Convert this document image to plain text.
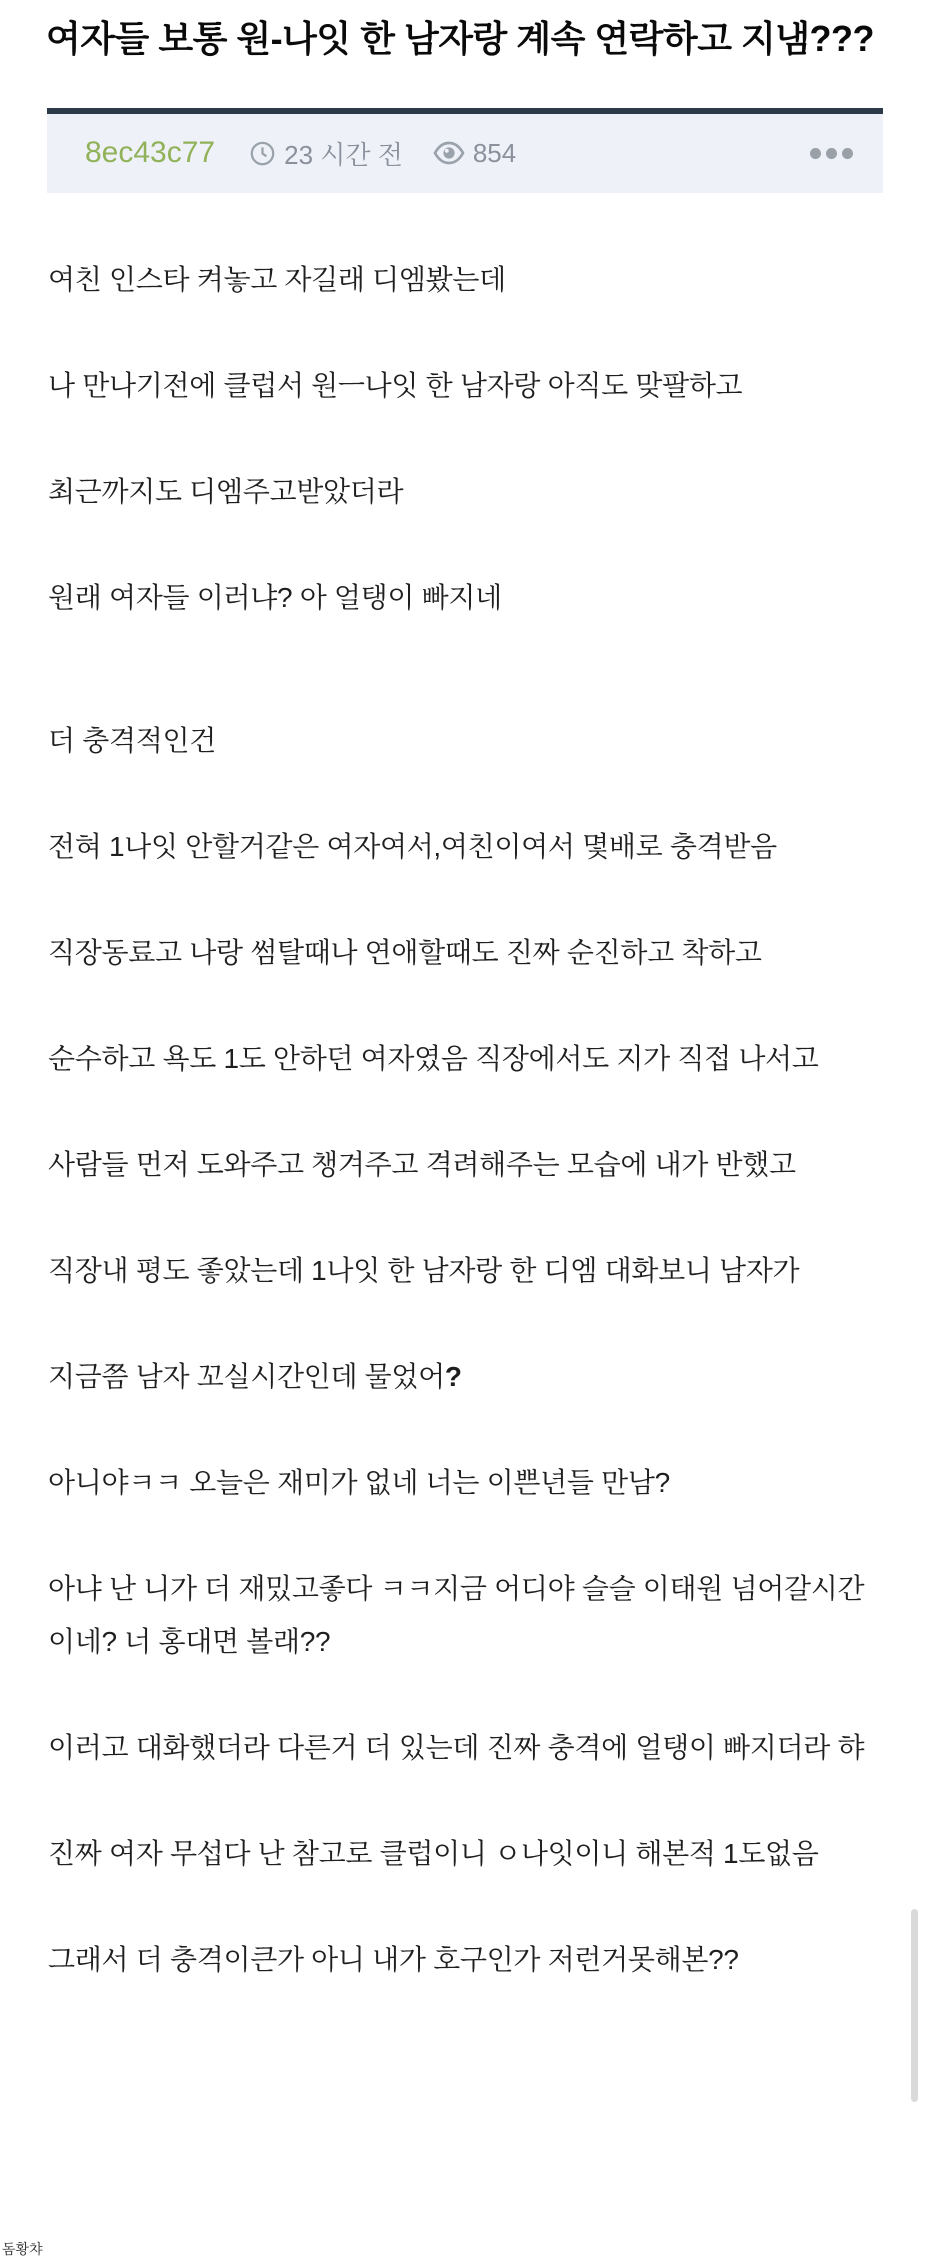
여자들 보통 원-나잇 한 남자랑 계속 연락하고 지냄???
8ec43c77	23 시간 전	854

여친 인스타 켜놓고 자길래 디엠봤는데

나 만나기전에 클럽서 원ㅡ나잇 한 남자랑 아직도 맞팔하고

최근까지도 디엠주고받았더라

원래 여자들 이러냐? 아 얼탱이 빠지네

더 충격적인건

전혀 1나잇 안할거같은 여자여서,여친이여서 몇배로 충격받음

직장동료고 나랑 썸탈때나 연애할때도 진짜 순진하고 착하고

순수하고 욕도 1도 안하던 여자였음 직장에서도 지가 직접 나서고

사람들 먼저 도와주고 챙겨주고 격려해주는 모습에 내가 반했고

직장내 평도 좋았는데 1나잇 한 남자랑 한 디엠 대화보니 남자가

지금쯤 남자 꼬실시간인데 물었어?

아니야ㅋㅋ 오늘은 재미가 없네 너는 이쁜년들 만남?

아냐 난 니가 더 재밌고좋다 ㅋㅋ지금 어디야 슬슬 이태원 넘어갈시간이네? 너 홍대면 볼래??

이러고 대화했더라 다른거 더 있는데 진짜 충격에 얼탱이 빠지더라 햐

진짜 여자 무섭다 난 참고로 클럽이니 ㅇ나잇이니 해본적 1도없음

그래서 더 충격이큰가 아니 내가 호구인가 저런거못해본??

돔황챠
